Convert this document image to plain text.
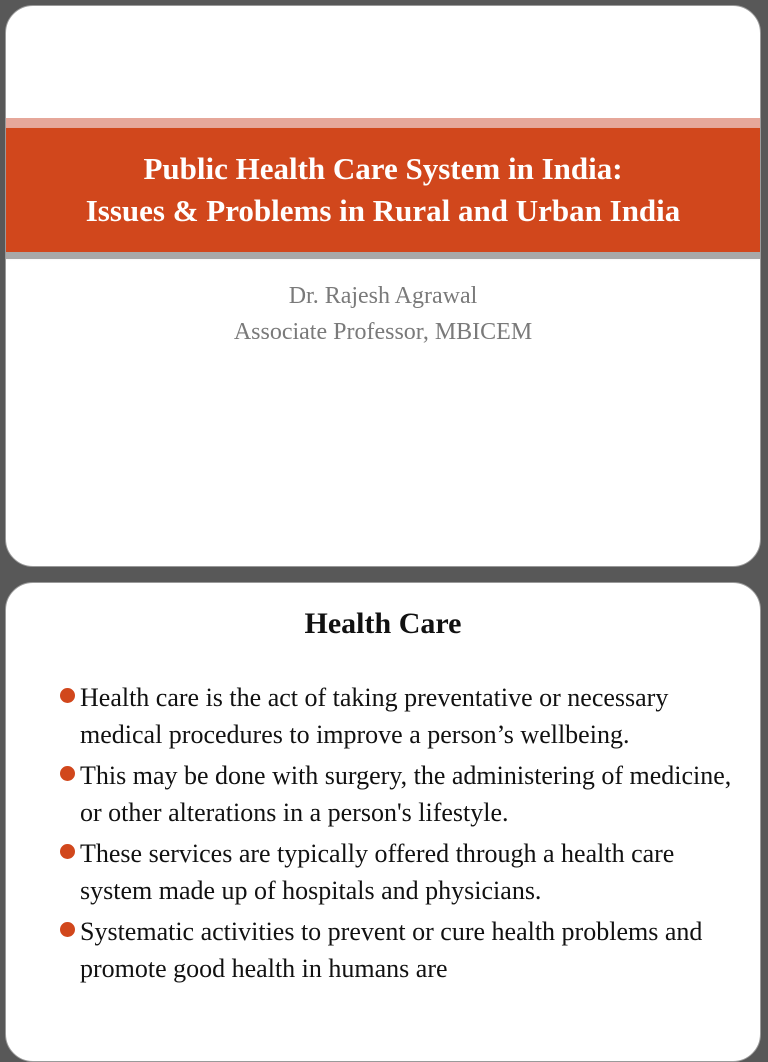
Public Health Care System in India:
Issues & Problems in Rural and Urban India
Dr. Rajesh Agrawal
Associate Professor, MBICEM
Health Care
Health care is the act of taking preventative or necessary medical procedures to improve a person’s wellbeing.
This may be done with surgery, the administering of medicine, or other alterations in a person's lifestyle.
These services are typically offered through a health care system made up of hospitals and physicians.
Systematic activities to prevent or cure health problems and promote good health in humans are
